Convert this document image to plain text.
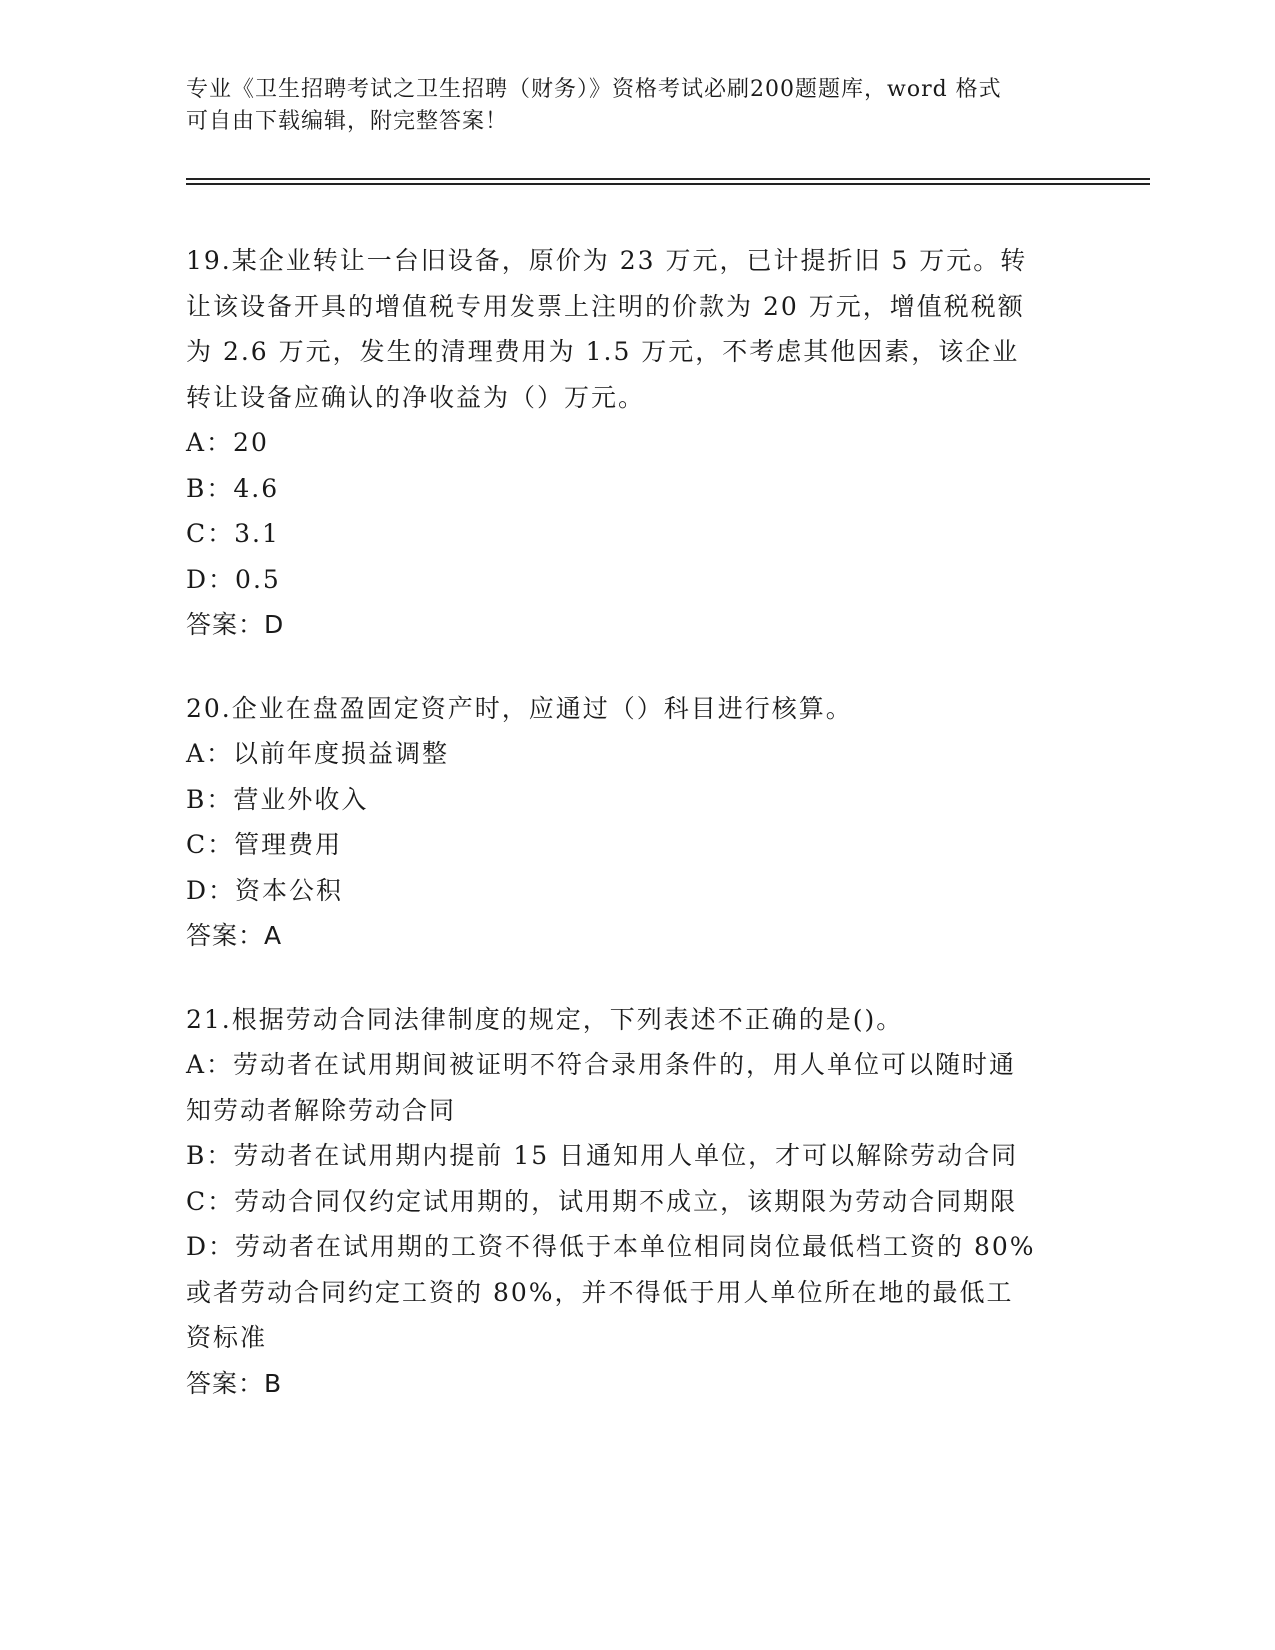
专业《卫生招聘考试之卫生招聘（财务）》资格考试必刷200题题库，word 格式
可自由下载编辑，附完整答案！
19.某企业转让一台旧设备，原价为 23 万元，已计提折旧 5 万元。转
让该设备开具的增值税专用发票上注明的价款为 20 万元，增值税税额
为 2.6 万元，发生的清理费用为 1.5 万元，不考虑其他因素，该企业
转让设备应确认的净收益为（）万元。
A：20
B：4.6
C：3.1
D：0.5
答案：D
20.企业在盘盈固定资产时，应通过（）科目进行核算。
A：以前年度损益调整
B：营业外收入
C：管理费用
D：资本公积
答案：A
21.根据劳动合同法律制度的规定，下列表述不正确的是()。
A：劳动者在试用期间被证明不符合录用条件的，用人单位可以随时通
知劳动者解除劳动合同
B：劳动者在试用期内提前 15 日通知用人单位，才可以解除劳动合同
C：劳动合同仅约定试用期的，试用期不成立，该期限为劳动合同期限
D：劳动者在试用期的工资不得低于本单位相同岗位最低档工资的 80%
或者劳动合同约定工资的 80%，并不得低于用人单位所在地的最低工
资标准
答案：B
